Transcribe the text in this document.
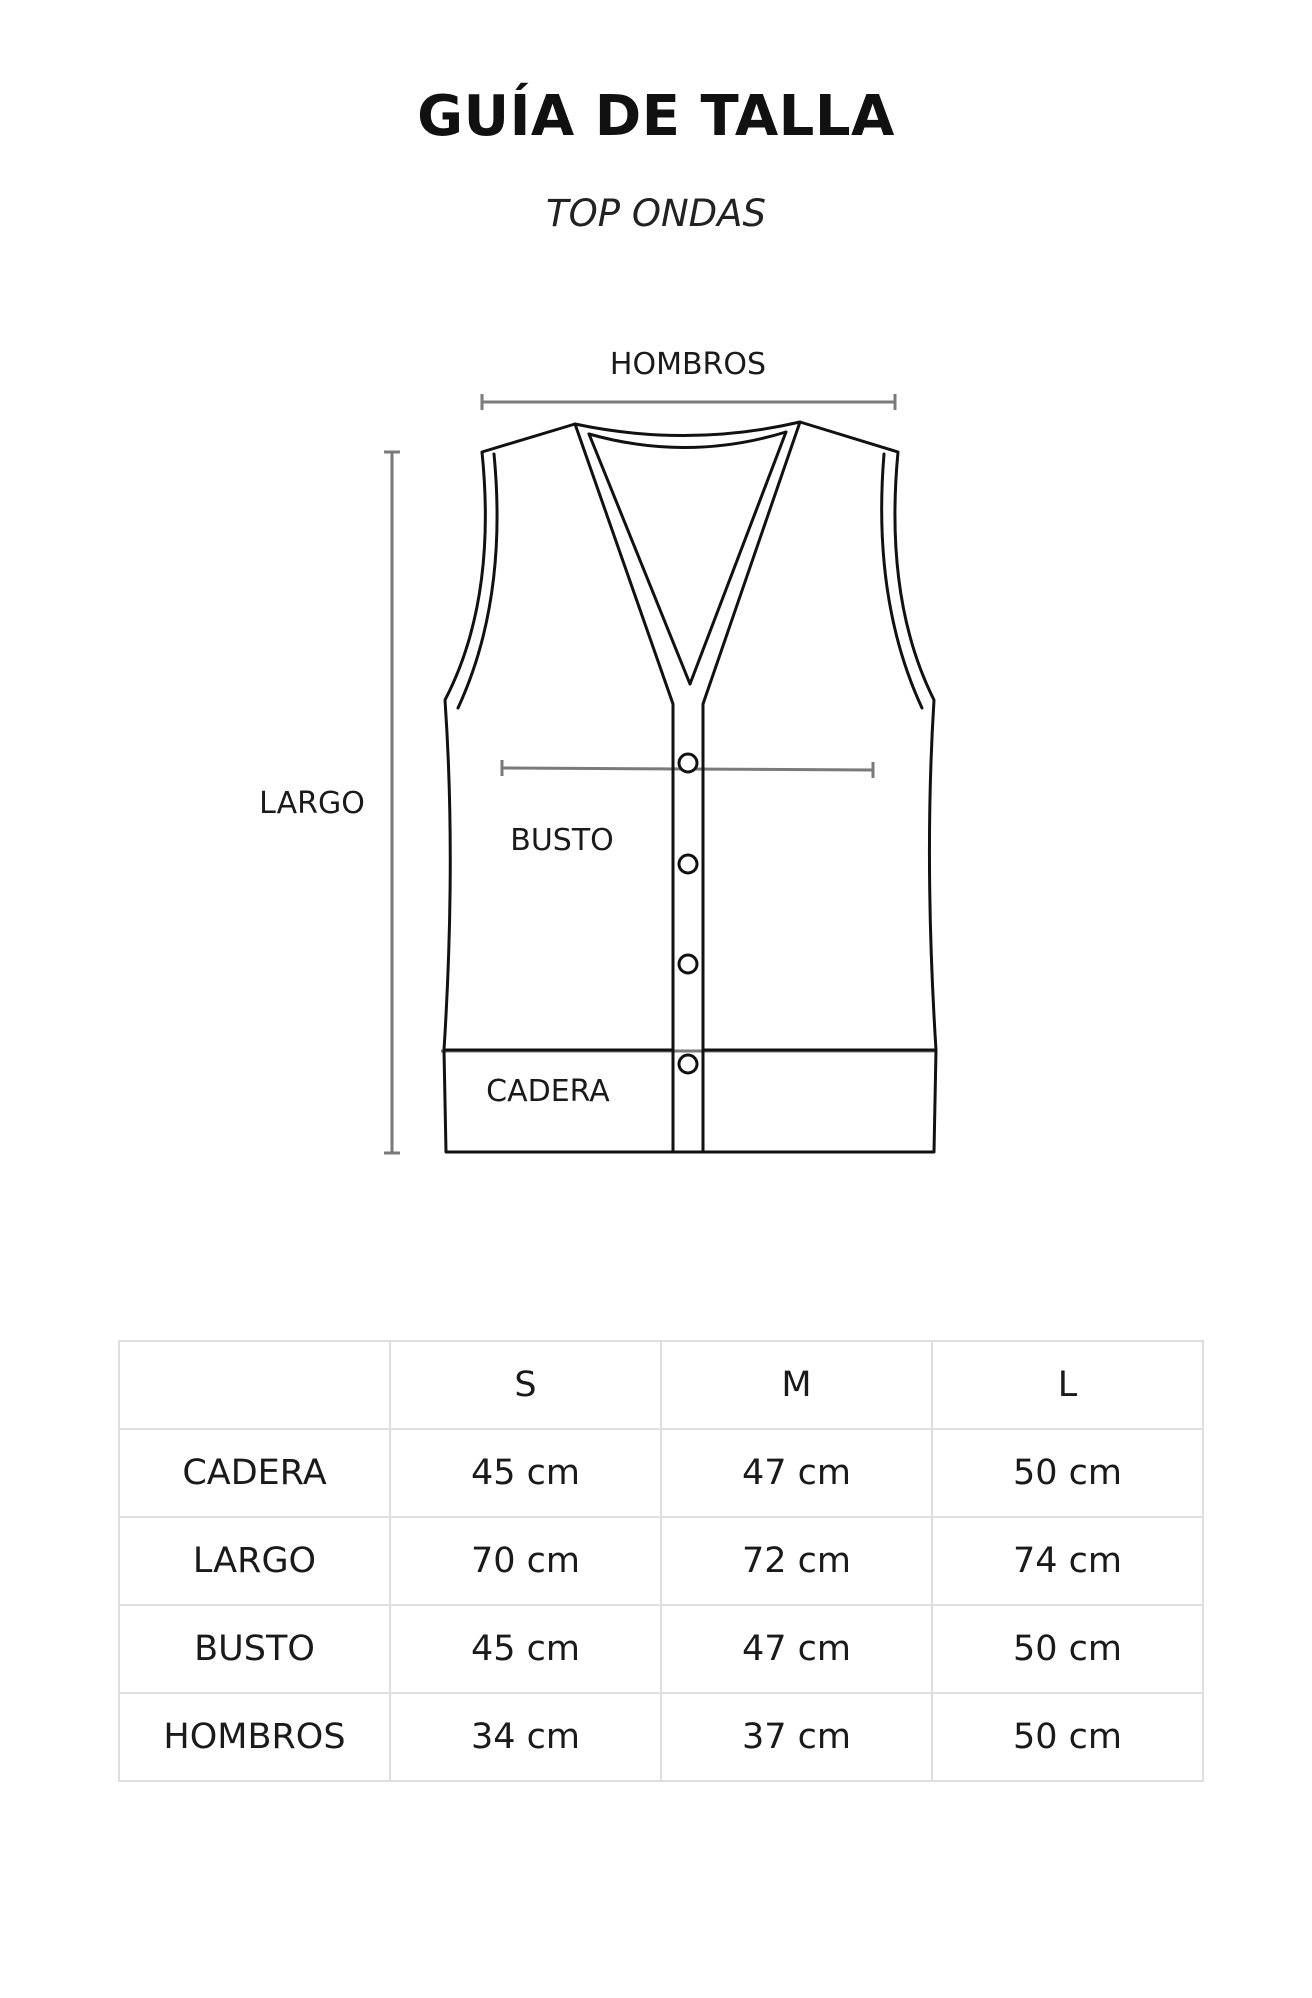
GUÍA DE TALLA
TOP ONDAS
HOMBROS
LARGO
BUSTO
CADERA
	S	M	L
CADERA	45 cm	47 cm	50 cm
LARGO	70 cm	72 cm	74 cm
BUSTO	45 cm	47 cm	50 cm
HOMBROS	34 cm	37 cm	50 cm
